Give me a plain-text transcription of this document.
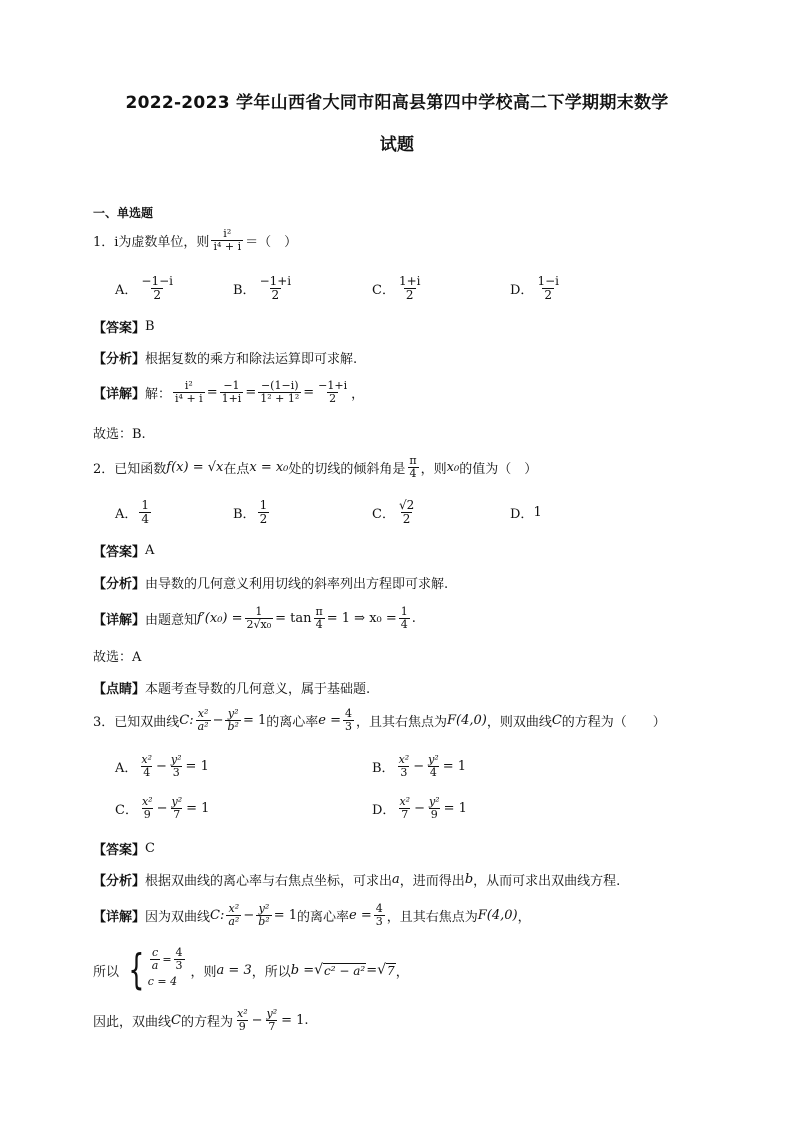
2022-2023 学年山西省大同市阳高县第四中学校高二下学期期末数学
试题
一、单选题
1．i为虚数单位，则 $\frac{\text{i²}}{\text{i⁴ + i}}$ ＝（　）
A． $\frac{-1-i}{2}$	B． $\frac{-1+i}{2}$	C． $\frac{1+i}{2}$	D． $\frac{1-i}{2}$
【答案】 B
【分析】 根据复数的乘方和除法运算即可求解.
【详解】 解： $\frac{\text{i²}}{\text{i⁴ + i}} = \frac{-1}{1+i} = \frac{-(1-i)}{\text{1² + 1²}} = \frac{-1+i}{2}$ ，
故选：B.
2．已知函数 f(x) = √x 在点 x = x₀ 处的切线的倾斜角是 $\frac{\pi}{4}$ ，则 x₀ 的值为（　）
A． $\frac{1}{4}$	B． $\frac{1}{2}$	C． $\frac{√2}{2}$	D． 1
【答案】 A
【分析】 由导数的几何意义利用切线的斜率列出方程即可求解.
【详解】 由题意知 $f'(x_0) = \frac{1}{\text{2√x₀}} = \tan \frac{\pi}{4} = 1$ ⇒ $x_0 = \frac{1}{4}$ .
故选：A
【点睛】 本题考查导数的几何意义，属于基础题.
3．已知双曲线 C: $\frac{\text{x²}}{\text{a²}} - \frac{\text{y²}}{\text{b²}} = 1$ 的离心率 $e = \frac{4}{3}$ ，且其右焦点为 F(4,0) ，则双曲线 C 的方程为（　　）
A． $\frac{\text{x²}}{4} - \frac{\text{y²}}{3} = 1$	B． $\frac{\text{x²}}{3} - \frac{\text{y²}}{4} = 1$
C． $\frac{\text{x²}}{9} - \frac{\text{y²}}{7} = 1$	D． $\frac{\text{x²}}{7} - \frac{\text{y²}}{9} = 1$
【答案】 C
【分析】 根据双曲线的离心率与右焦点坐标，可求出 a ，进而得出 b ，从而可求出双曲线方程.
【详解】 因为双曲线 C: $\frac{\text{x²}}{\text{a²}} - \frac{\text{y²}}{\text{b²}} = 1$ 的离心率 $e = \frac{4}{3}$ ，且其右焦点为 F(4,0) ，
所以 { $\frac{c}{a} = \frac{4}{3}$
c = 4
，则 a = 3 ，所以 b = √ c² − a² = √ 7 ，
因此，双曲线 C 的方程为 $\frac{\text{x²}}{9} - \frac{\text{y²}}{7} = 1$.
